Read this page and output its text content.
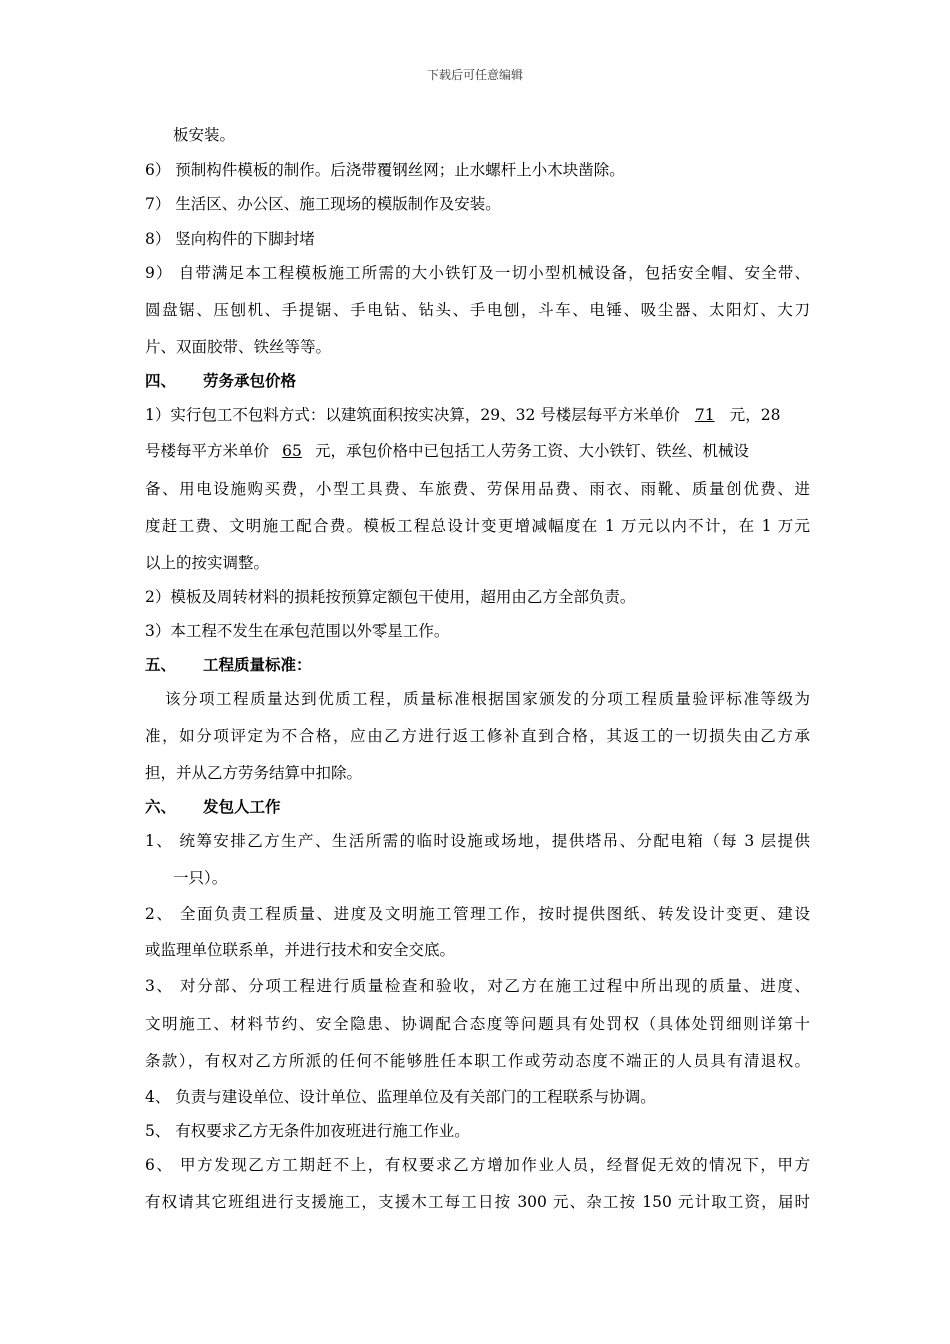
下载后可任意编辑
板安装。
6） 预制构件模板的制作。后浇带覆钢丝网；止水螺杆上小木块凿除。
7） 生活区、办公区、施工现场的模版制作及安装。
8） 竖向构件的下脚封堵
9） 自带满足本工程模板施工所需的大小铁钉及一切小型机械设备，包括安全帽、安全带、
圆盘锯、压刨机、手提锯、手电钻、钻头、手电刨，斗车、电锤、吸尘器、太阳灯、大刀
片、双面胶带、铁丝等等。
四、 劳务承包价格
1）实行包工不包料方式：以建筑面积按实决算，29、32 号楼层每平方米单价 71 元，28
号楼每平方米单价 65 元，承包价格中已包括工人劳务工资、大小铁钉、铁丝、机械设
备、用电设施购买费，小型工具费、车旅费、劳保用品费、雨衣、雨靴、质量创优费、进
度赶工费、文明施工配合费。模板工程总设计变更增减幅度在 1 万元以内不计，在 1 万元
以上的按实调整。
2）模板及周转材料的损耗按预算定额包干使用，超用由乙方全部负责。
3）本工程不发生在承包范围以外零星工作。
五、 工程质量标准：
该分项工程质量达到优质工程，质量标准根据国家颁发的分项工程质量验评标准等级为
准，如分项评定为不合格，应由乙方进行返工修补直到合格，其返工的一切损失由乙方承
担，并从乙方劳务结算中扣除。
六、 发包人工作
1、 统筹安排乙方生产、生活所需的临时设施或场地，提供塔吊、分配电箱（每 3 层提供
一只）。
2、 全面负责工程质量、进度及文明施工管理工作，按时提供图纸、转发设计变更、建设
或监理单位联系单，并进行技术和安全交底。
3、 对分部、分项工程进行质量检查和验收，对乙方在施工过程中所出现的质量、进度、
文明施工、材料节约、安全隐患、协调配合态度等问题具有处罚权（具体处罚细则详第十
条款），有权对乙方所派的任何不能够胜任本职工作或劳动态度不端正的人员具有清退权。
4、 负责与建设单位、设计单位、监理单位及有关部门的工程联系与协调。
5、 有权要求乙方无条件加夜班进行施工作业。
6、 甲方发现乙方工期赶不上，有权要求乙方增加作业人员，经督促无效的情况下，甲方
有权请其它班组进行支援施工，支援木工每工日按 300 元、杂工按 150 元计取工资，届时
